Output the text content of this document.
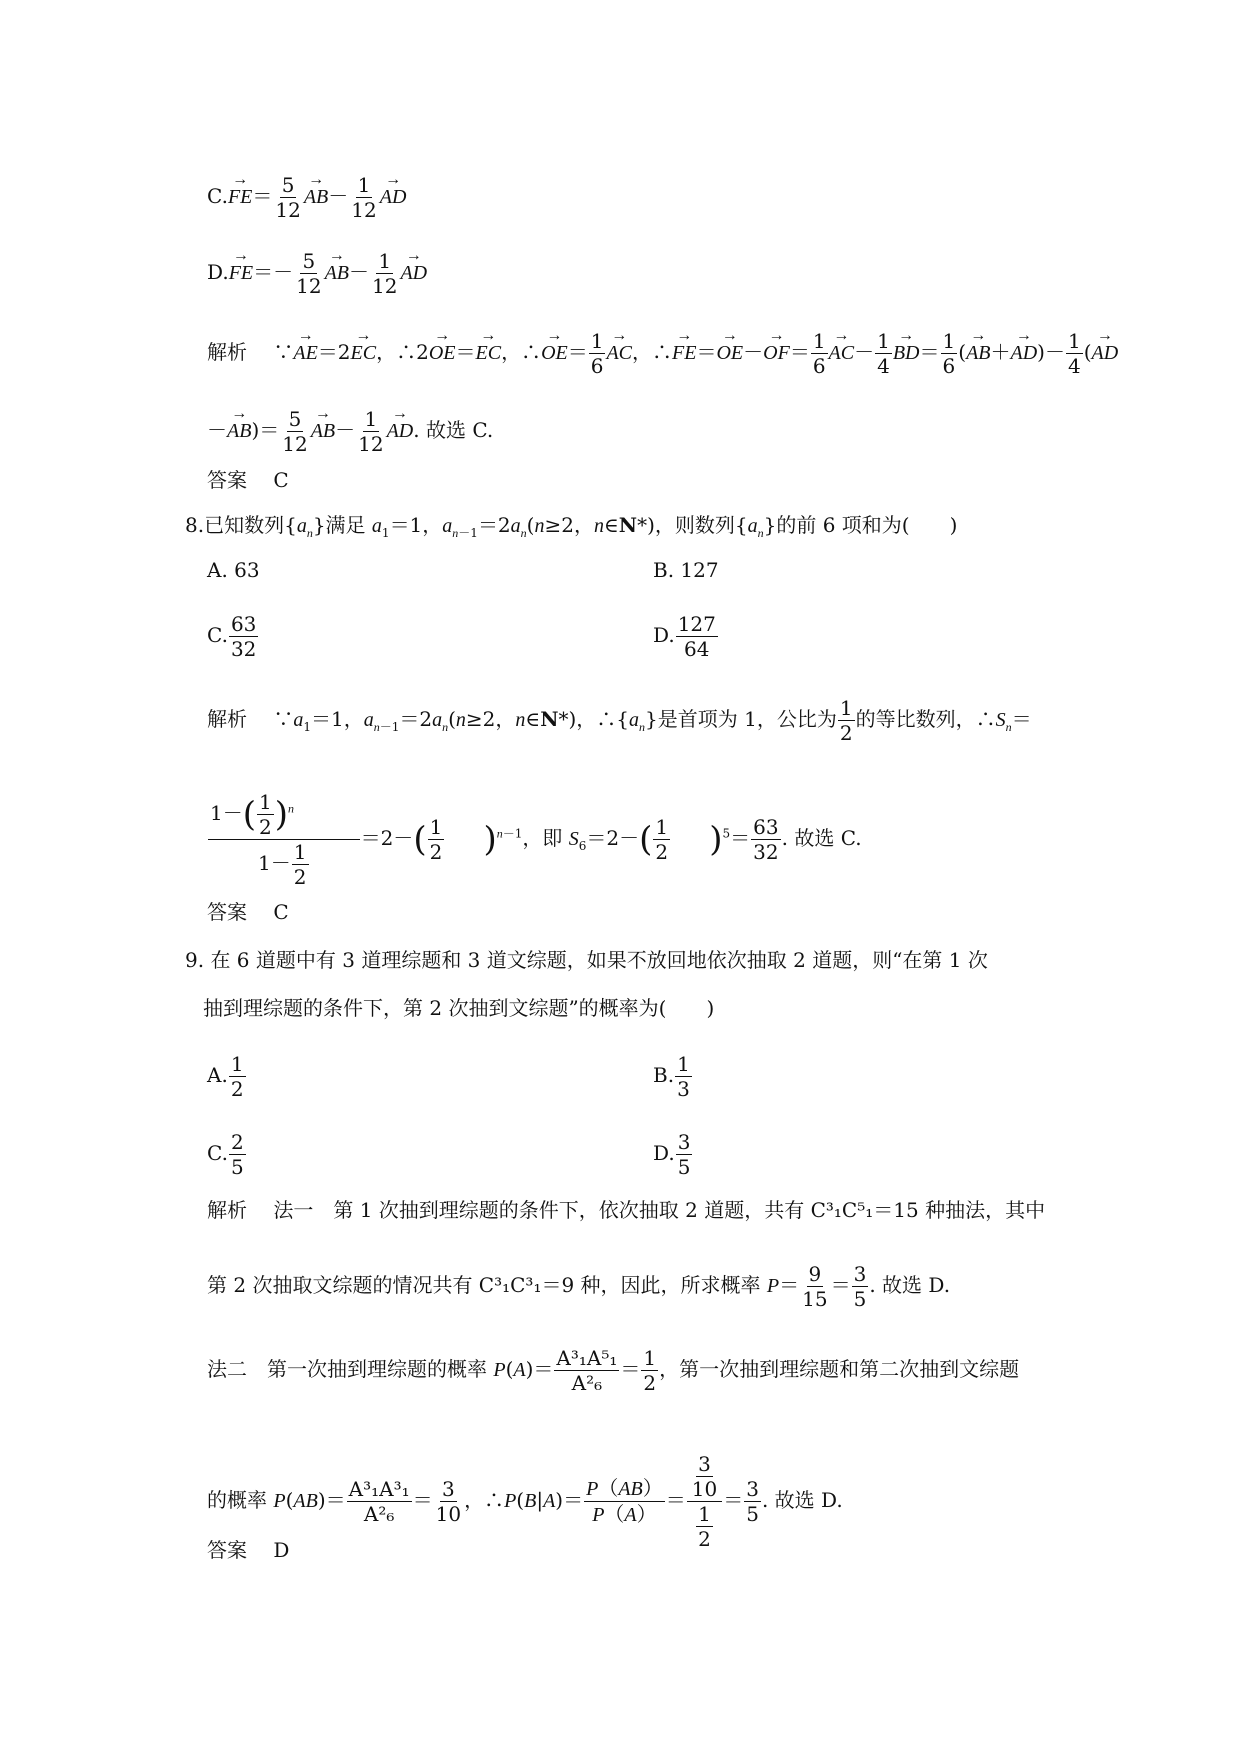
$C.\to FE= \frac{5}{12}$
→ $AB- \frac{1}{12}$
→ AD
$D.\to FE=- \frac{5}{12}$
→ $AB- \frac{1}{12}$
→ AD
解析　 ∵→ AE＝2→ EC，∴2→ OE＝→ EC，∴→ $OE= \frac{1}{6}$
→ AC，∴→ $FE=\to OE-\to OF= \frac{1}{6}$
→ $AC- \frac{1}{4}$
→ $BD= \frac{1}{6}$ (→ $AB+\to AD)- \frac{1}{4}$ (→ AD
－→ $AB)= \frac{5}{12}$
→ $AB- \frac{1}{12}$
→ AD. 故选 C.
答案　 C
8.已知数列$\{a_n\}$满足 $a_1=1$，$a_{n-1}=2a_n(n\ge 2$，n∈N*)，则数列$\{a_n\}$的前 6 项和为(　　)
A. 63	B. 127
C. $\frac{63}{32}$	D. $\frac{127}{64}$
解析　 $\because a_1=1$，$a_{n-1}=2a_n(n\ge 2$，n∈N*)，$\therefore\{a_n\}$是首项为 1，公比为 $\frac{1}{2}$ 的等比数列，$\therefore S_n=$
$\frac{1-( \frac{1}{2} )^n}{1- \frac{1}{2}} =2-( \frac{1}{2} )^{n-1}$，即 $S_6=2-( \frac{1}{2} )^5= \frac{63}{32}$ . 故选 C.
答案　 C
9. 在 6 道题中有 3 道理综题和 3 道文综题，如果不放回地依次抽取 2 道题，则“在第 1 次
抽到理综题的条件下，第 2 次抽到文综题”的概率为(　　)
A. $\frac{1}{2}$	B. $\frac{1}{3}$
C. $\frac{2}{5}$	D. $\frac{3}{5}$
解析　 法一　第 1 次抽到理综题的条件下，依次抽取 2 道题，共有 C³₁C⁵₁＝15 种抽法，其中
第 2 次抽取文综题的情况共有 C³₁C³₁＝9 种，因此，所求概率 $P= \frac{9}{15} = \frac{3}{5}$ . 故选 D.
法二　第一次抽到理综题的概率 $P(A)= \frac{\text{A³₁A⁵₁}}{\text{A²₆}} = \frac{1}{2}$ ，第一次抽到理综题和第二次抽到文综题
的概率 $P(AB)= \frac{\text{A³₁A³₁}}{\text{A²₆}} = \frac{3}{10}$ ，∴P(B|A)＝ $\frac{P(AB)}{P(A)} = \frac{\frac{3}{10}}{\frac{1}{2}} = \frac{3}{5}$ . 故选 D.
答案　 D
